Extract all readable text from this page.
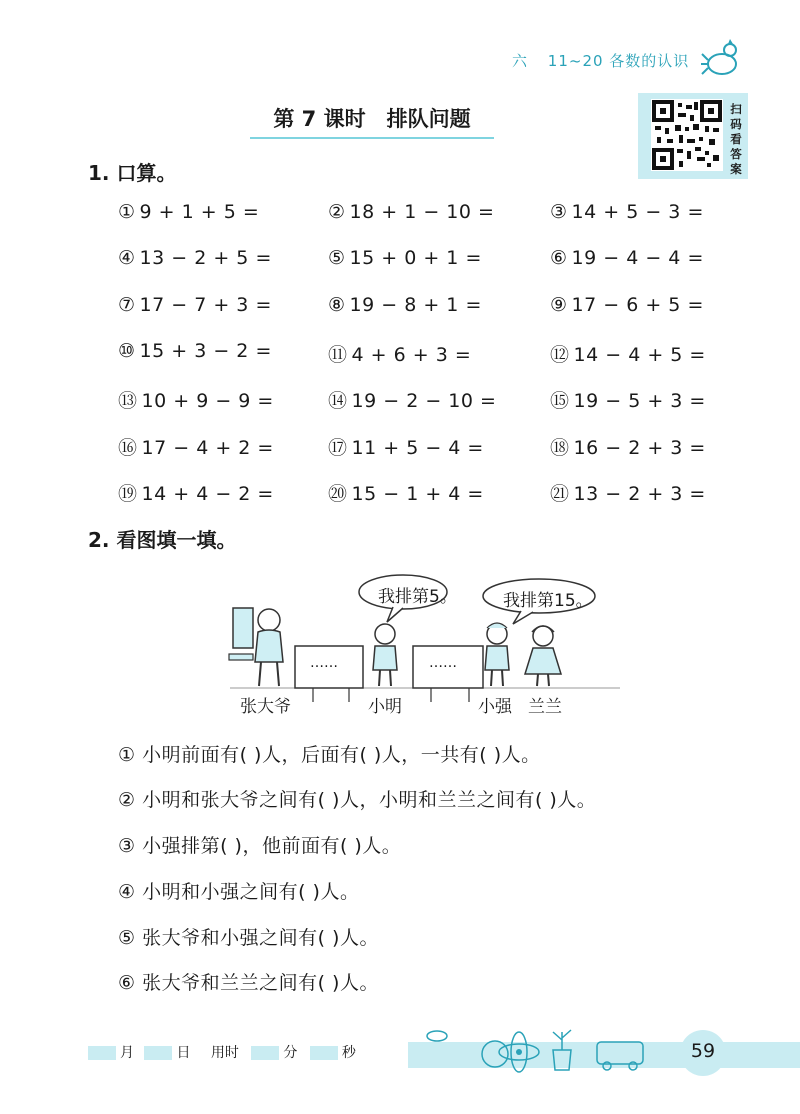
六 11~20 各数的认识
第 7 课时　排队问题	扫
码
看
答
案
1. 口算。
① 9 + 1 + 5 =	② 18 + 1 − 10 =	③ 14 + 5 − 3 =
④ 13 − 2 + 5 =	⑤ 15 + 0 + 1 =	⑥ 19 − 4 − 4 =
⑦ 17 − 7 + 3 =	⑧ 19 − 8 + 1 =	⑨ 17 − 6 + 5 =
⑩ 15 + 3 − 2 =	⑪ 4 + 6 + 3 =	⑫ 14 − 4 + 5 =
⑬ 10 + 9 − 9 =	⑭ 19 − 2 − 10 =	⑮ 19 − 5 + 3 =
⑯ 17 − 4 + 2 =	⑰ 11 + 5 − 4 =	⑱ 16 − 2 + 3 =
⑲ 14 + 4 − 2 =	⑳ 15 − 1 + 4 =	㉑ 13 − 2 + 3 =
2. 看图填一填。
我排第5。	我排第15。
……	……
张大爷	小明	小强 兰兰
① 小明前面有( )人，后面有( )人，一共有( )人。
② 小明和张大爷之间有( )人，小明和兰兰之间有( )人。
③ 小强排第( )，他前面有( )人。
④ 小明和小强之间有( )人。
⑤ 张大爷和小强之间有( )人。
⑥ 张大爷和兰兰之间有( )人。
月	日 用时	分	秒	59
